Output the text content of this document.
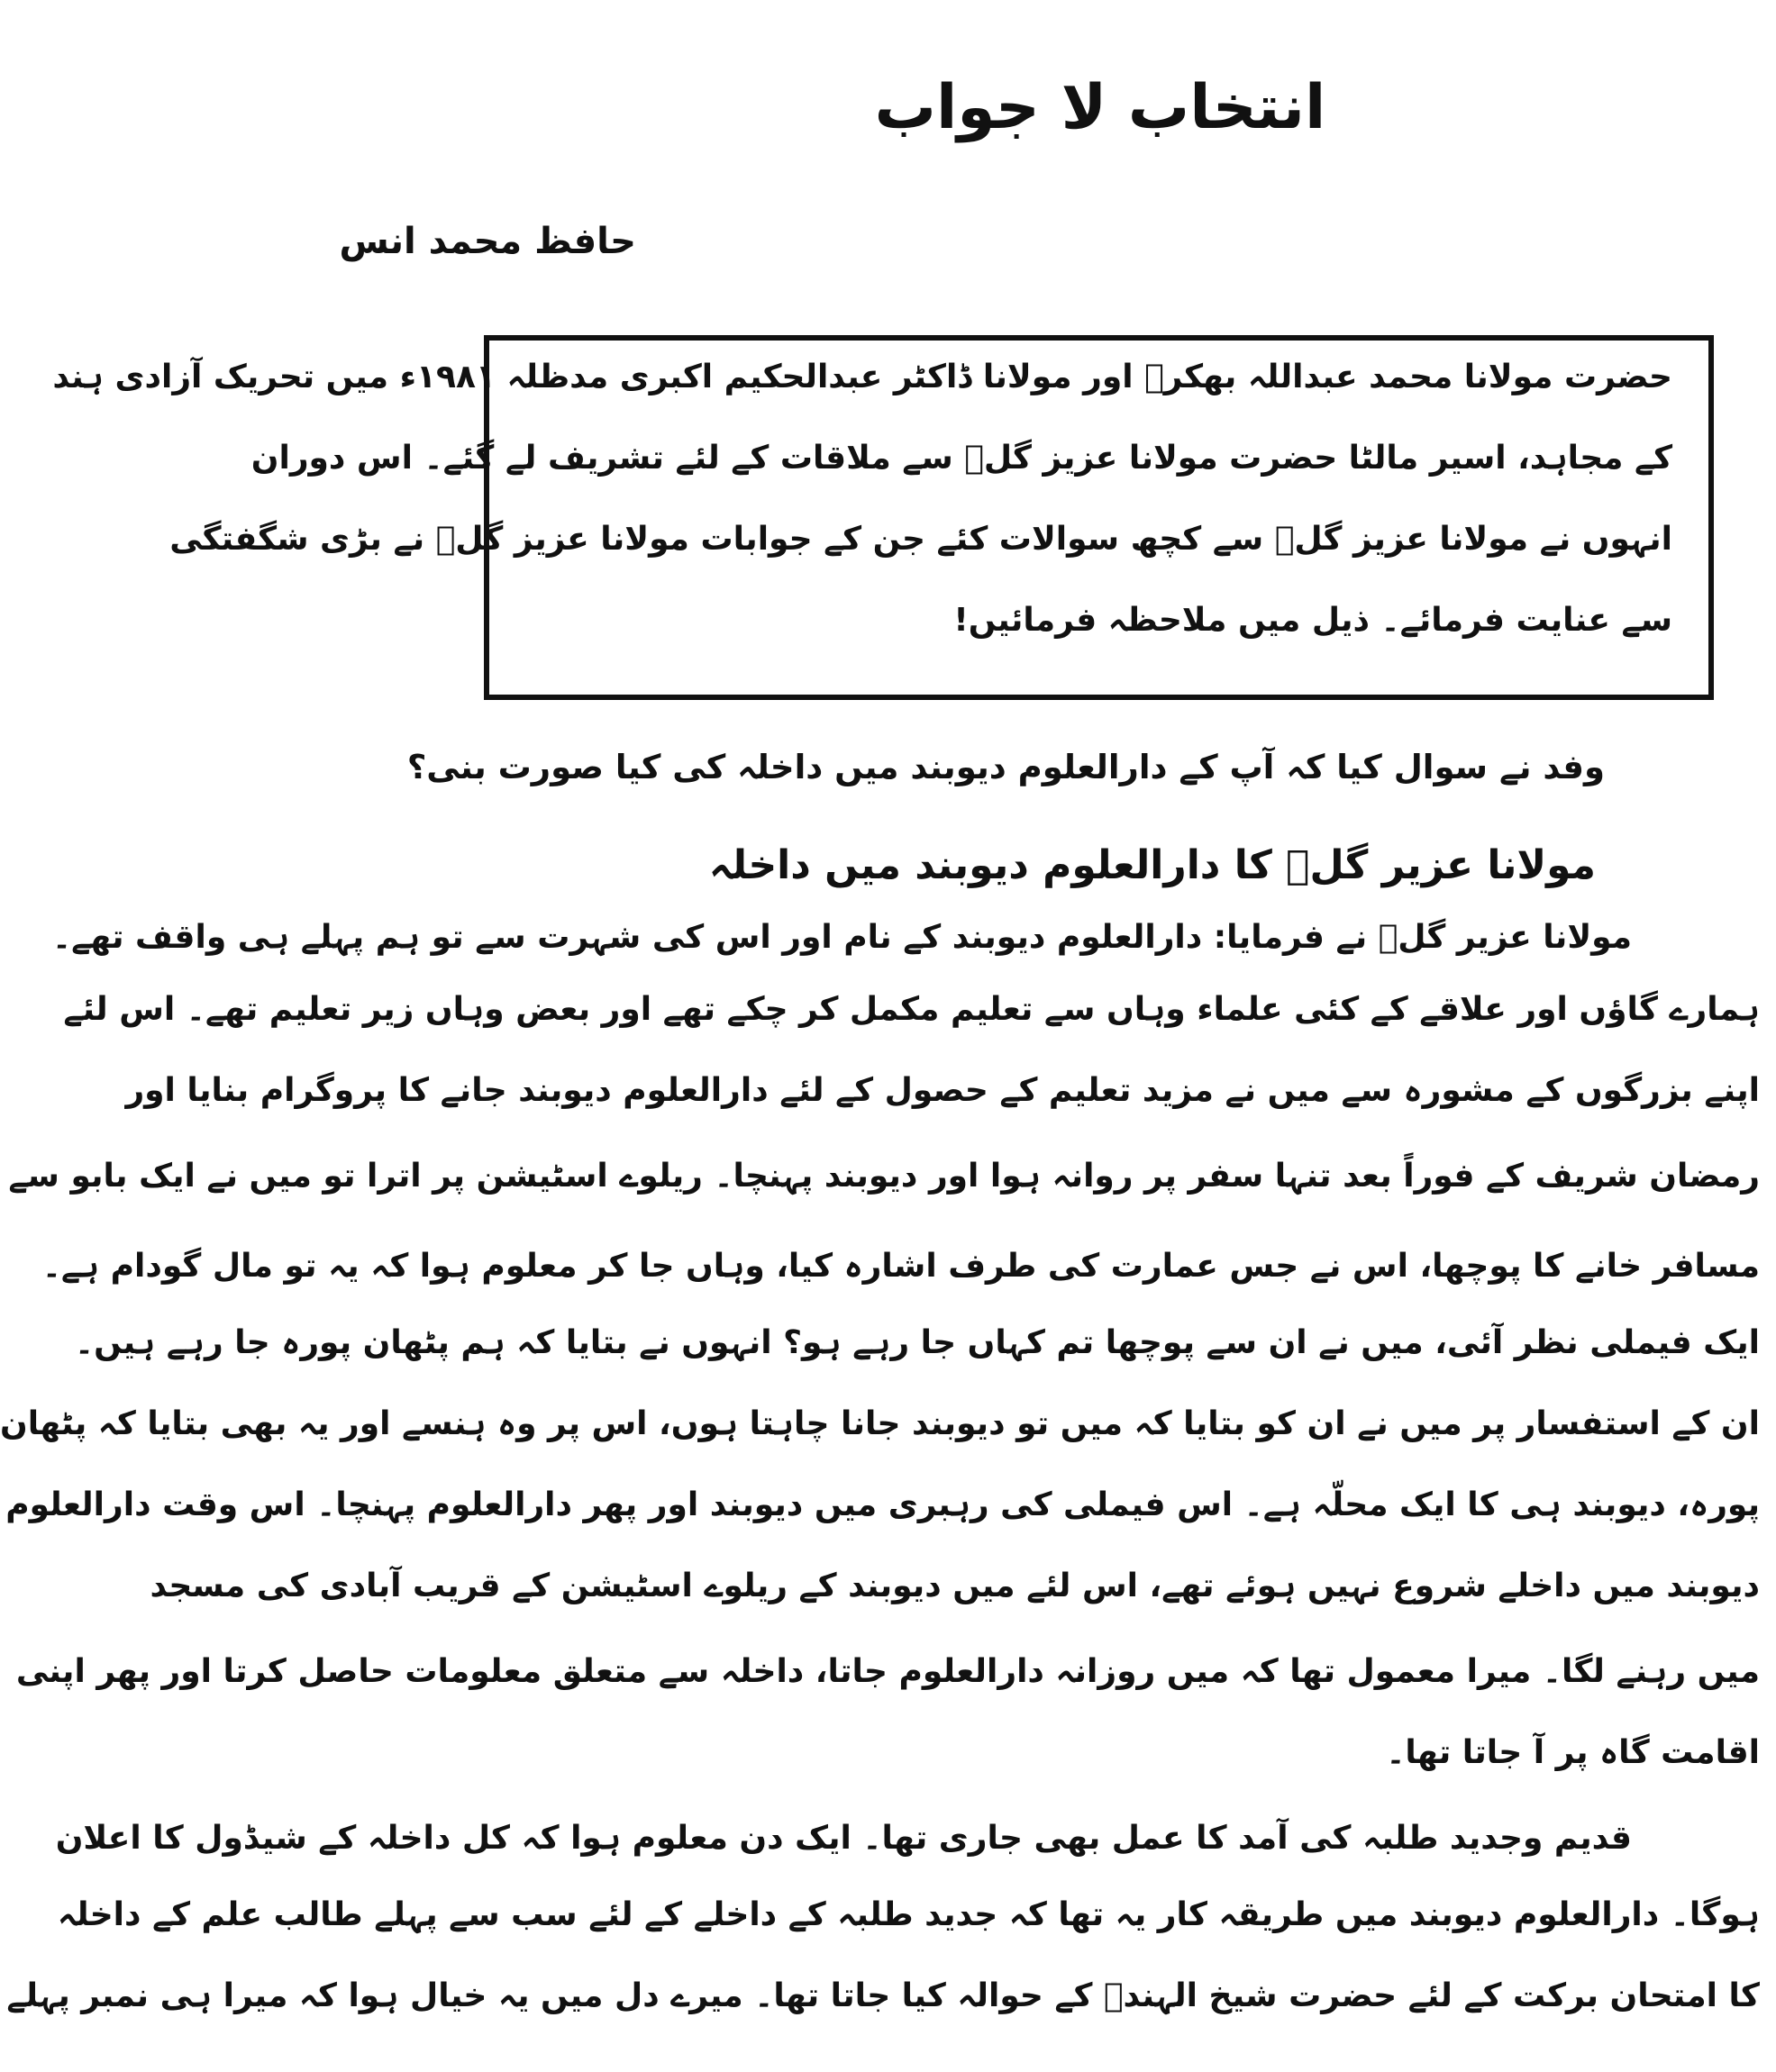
انتخاب لا جواب
حافظ محمد انس
حضرت مولانا محمد عبداللہ بھکرؒ اور مولانا ڈاکٹر عبدالحکیم اکبری مدظلہ ۱۹۸۱ء میں تحریک آزادی ہند
کے مجاہد، اسیر مالٹا حضرت مولانا عزیز گلؒ سے ملاقات کے لئے تشریف لے گئے۔ اس دوران
انہوں نے مولانا عزیز گلؒ سے کچھ سوالات کئے جن کے جوابات مولانا عزیز گلؒ نے بڑی شگفتگی
سے عنایت فرمائے۔ ذیل میں ملاحظہ فرمائیں!
وفد نے سوال کیا کہ آپ کے دارالعلوم دیوبند میں داخلہ کی کیا صورت بنی؟
مولانا عزیر گلؒ کا دارالعلوم دیوبند میں داخلہ
مولانا عزیر گلؒ نے فرمایا: دارالعلوم دیوبند کے نام اور اس کی شہرت سے تو ہم پہلے ہی واقف تھے۔
ہمارے گاؤں اور علاقے کے کئی علماء وہاں سے تعلیم مکمل کر چکے تھے اور بعض وہاں زیر تعلیم تھے۔ اس لئے
اپنے بزرگوں کے مشورہ سے میں نے مزید تعلیم کے حصول کے لئے دارالعلوم دیوبند جانے کا پروگرام بنایا اور
رمضان شریف کے فوراً بعد تنہا سفر پر روانہ ہوا اور دیوبند پہنچا۔ ریلوے اسٹیشن پر اترا تو میں نے ایک بابو سے
مسافر خانے کا پوچھا، اس نے جس عمارت کی طرف اشارہ کیا، وہاں جا کر معلوم ہوا کہ یہ تو مال گودام ہے۔
ایک فیملی نظر آئی، میں نے ان سے پوچھا تم کہاں جا رہے ہو؟ انہوں نے بتایا کہ ہم پٹھان پورہ جا رہے ہیں۔
ان کے استفسار پر میں نے ان کو بتایا کہ میں تو دیوبند جانا چاہتا ہوں، اس پر وہ ہنسے اور یہ بھی بتایا کہ پٹھان
پورہ، دیوبند ہی کا ایک محلّہ ہے۔ اس فیملی کی رہبری میں دیوبند اور پھر دارالعلوم پہنچا۔ اس وقت دارالعلوم
دیوبند میں داخلے شروع نہیں ہوئے تھے، اس لئے میں دیوبند کے ریلوے اسٹیشن کے قریب آبادی کی مسجد
میں رہنے لگا۔ میرا معمول تھا کہ میں روزانہ دارالعلوم جاتا، داخلہ سے متعلق معلومات حاصل کرتا اور پھر اپنی
اقامت گاہ پر آ جاتا تھا۔
قدیم وجدید طلبہ کی آمد کا عمل بھی جاری تھا۔ ایک دن معلوم ہوا کہ کل داخلہ کے شیڈول کا اعلان
ہوگا۔ دارالعلوم دیوبند میں طریقہ کار یہ تھا کہ جدید طلبہ کے داخلے کے لئے سب سے پہلے طالب علم کے داخلہ
کا امتحان برکت کے لئے حضرت شیخ الہندؒ کے حوالہ کیا جاتا تھا۔ میرے دل میں یہ خیال ہوا کہ میرا ہی نمبر پہلے
